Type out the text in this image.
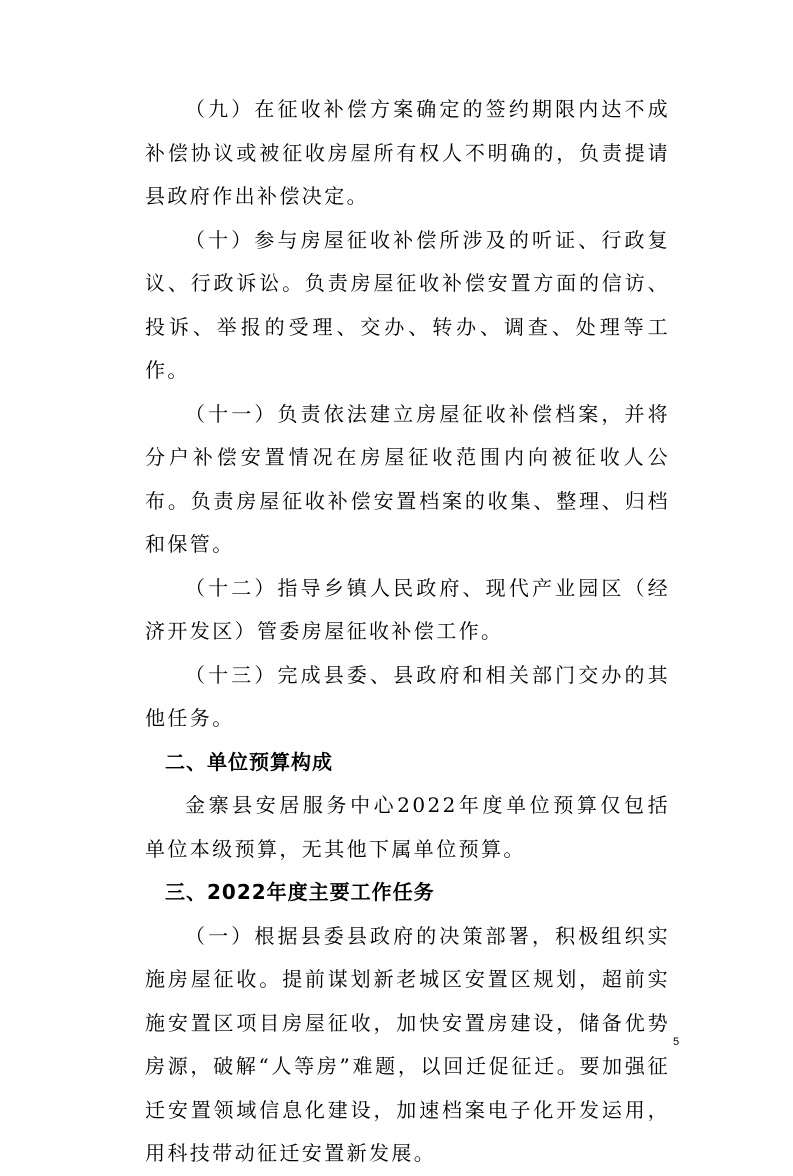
（九）在征收补偿方案确定的签约期限内达不成补偿协议或被征收房屋所有权人不明确的，负责提请县政府作出补偿决定。

（十）参与房屋征收补偿所涉及的听证、行政复议、行政诉讼。负责房屋征收补偿安置方面的信访、投诉、举报的受理、交办、转办、调查、处理等工作。

（十一）负责依法建立房屋征收补偿档案，并将分户补偿安置情况在房屋征收范围内向被征收人公布。负责房屋征收补偿安置档案的收集、整理、归档和保管。

（十二）指导乡镇人民政府、现代产业园区（经济开发区）管委房屋征收补偿工作。

（十三）完成县委、县政府和相关部门交办的其他任务。

二、单位预算构成

金寨县安居服务中心2022年度单位预算仅包括单位本级预算，无其他下属单位预算。

三、2022年度主要工作任务

（一）根据县委县政府的决策部署，积极组织实施房屋征收。提前谋划新老城区安置区规划，超前实施安置区项目房屋征收，加快安置房建设，储备优势房源，破解“人等房”难题，以回迁促征迁。要加强征迁安置领域信息化建设，加速档案电子化开发运用，用科技带动征迁安置新发展。

5
